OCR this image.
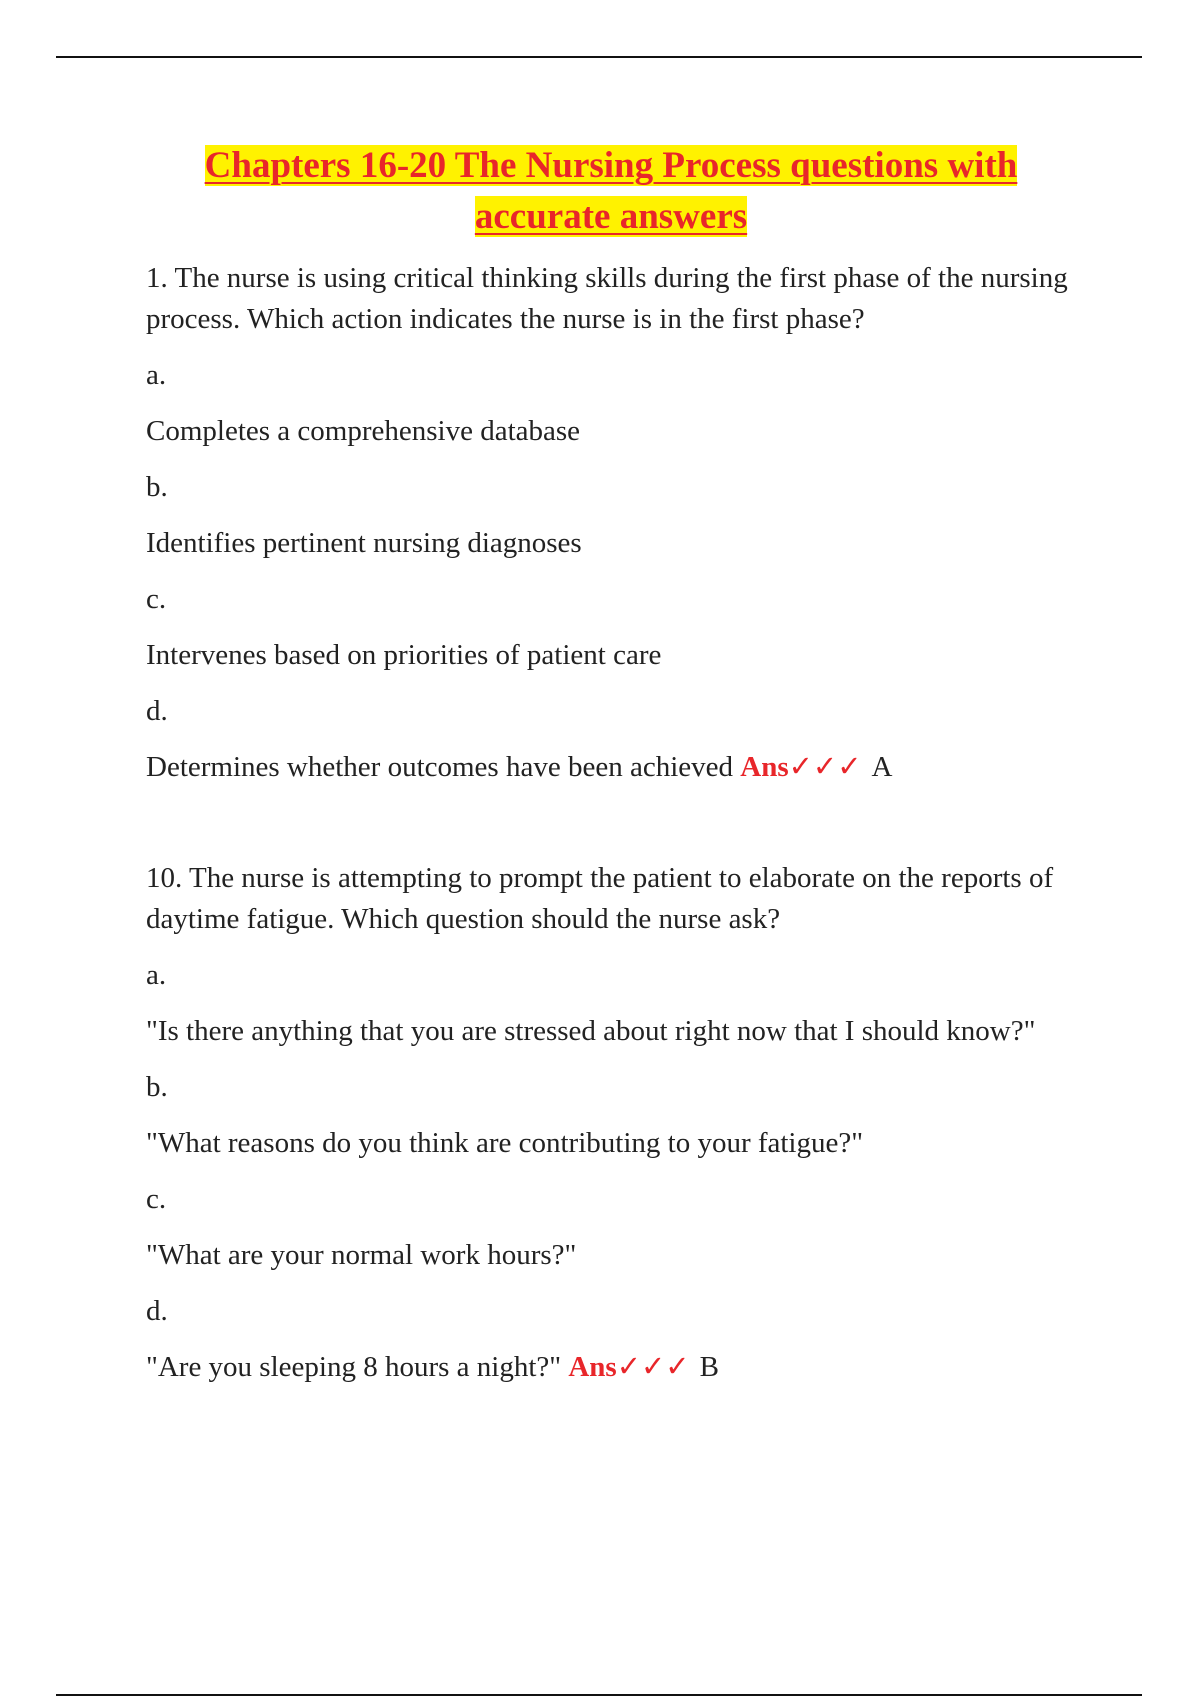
Chapters 16-20 The Nursing Process questions with
accurate answers

1. The nurse is using critical thinking skills during the first phase of the nursing process. Which action indicates the nurse is in the first phase?

a.

Completes a comprehensive database

b.

Identifies pertinent nursing diagnoses

c.

Intervenes based on priorities of patient care

d.

Determines whether outcomes have been achieved Ans✓✓✓ A

10. The nurse is attempting to prompt the patient to elaborate on the reports of daytime fatigue. Which question should the nurse ask?

a.

"Is there anything that you are stressed about right now that I should know?"

b.

"What reasons do you think are contributing to your fatigue?"

c.

"What are your normal work hours?"

d.

"Are you sleeping 8 hours a night?" Ans✓✓✓ B
